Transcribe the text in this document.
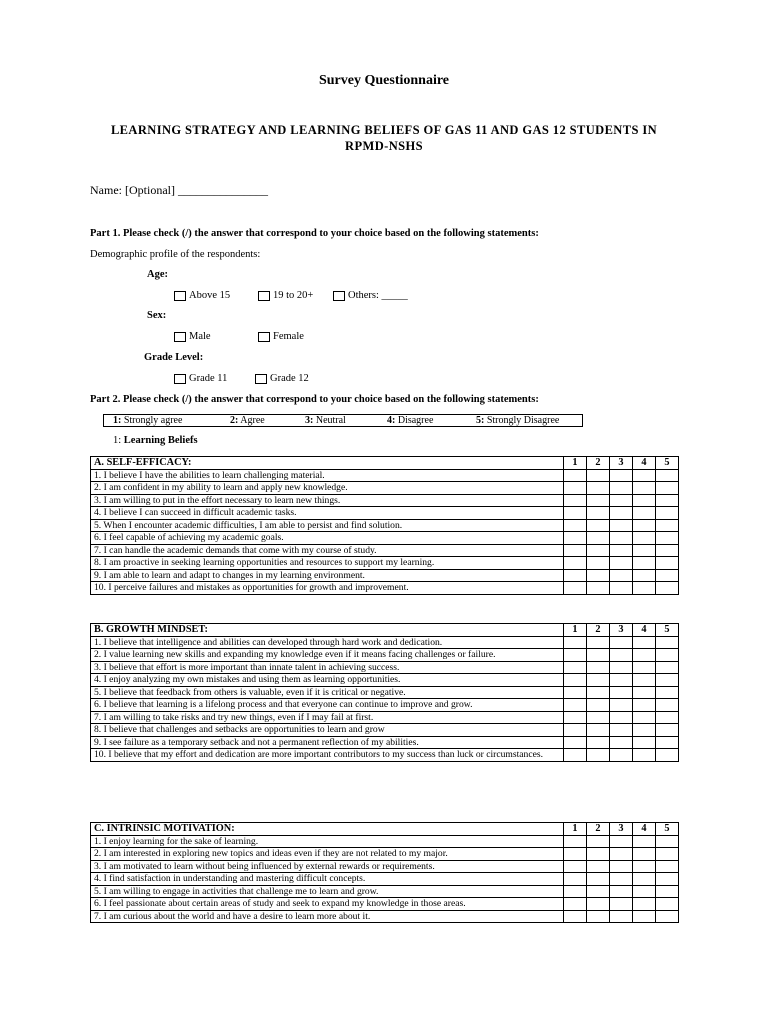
Survey Questionnaire
LEARNING STRATEGY AND LEARNING BELIEFS OF GAS 11 AND GAS 12 STUDENTS IN RPMD-NSHS
Name: [Optional] _______________
Part 1. Please check (/) the answer that correspond to your choice based on the following statements:
Demographic profile of the respondents:
Age:
Above 15	19 to 20+	Others: _____
Sex:
Male	Female
Grade Level:
Grade 11	Grade 12
Part 2. Please check (/) the answer that correspond to your choice based on the following statements:
1: Strongly agree	2: Agree	3: Neutral	4: Disagree	5: Strongly Disagree
1: Learning Beliefs
A. SELF-EFFICACY:	1	2	3	4	5
1. I believe I have the abilities to learn challenging material.					
2. I am confident in my ability to learn and apply new knowledge.					
3. I am willing to put in the effort necessary to learn new things.					
4. I believe I can succeed in difficult academic tasks.					
5. When I encounter academic difficulties, I am able to persist and find solution.					
6. I feel capable of achieving my academic goals.					
7. I can handle the academic demands that come with my course of study.					
8. I am proactive in seeking learning opportunities and resources to support my learning.					
9. I am able to learn and adapt to changes in my learning environment.					
10. I perceive failures and mistakes as opportunities for growth and improvement.					
B. GROWTH MINDSET:	1	2	3	4	5
1. I believe that intelligence and abilities can developed through hard work and dedication.					
2. I value learning new skills and expanding my knowledge even if it means facing challenges or failure.					
3. I believe that effort is more important than innate talent in achieving success.					
4. I enjoy analyzing my own mistakes and using them as learning opportunities.					
5. I believe that feedback from others is valuable, even if it is critical or negative.					
6. I believe that learning is a lifelong process and that everyone can continue to improve and grow.					
7. I am willing to take risks and try new things, even if I may fail at first.					
8. I believe that challenges and setbacks are opportunities to learn and grow					
9. I see failure as a temporary setback and not a permanent reflection of my abilities.					
10. I believe that my effort and dedication are more important contributors to my success than luck or circumstances.					
C. INTRINSIC MOTIVATION:	1	2	3	4	5
1. I enjoy learning for the sake of learning.					
2. I am interested in exploring new topics and ideas even if they are not related to my major.					
3. I am motivated to learn without being influenced by external rewards or requirements.					
4. I find satisfaction in understanding and mastering difficult concepts.					
5. I am willing to engage in activities that challenge me to learn and grow.					
6. I feel passionate about certain areas of study and seek to expand my knowledge in those areas.					
7. I am curious about the world and have a desire to learn more about it.					
